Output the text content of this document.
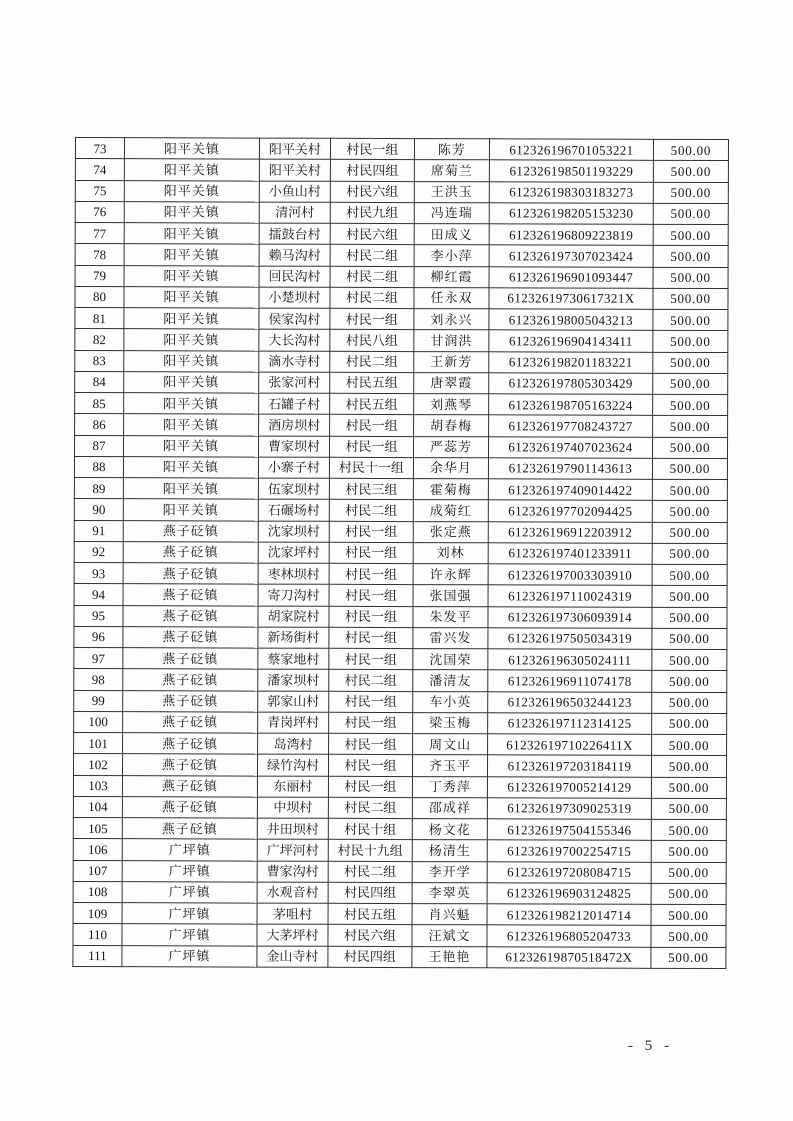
73	阳平关镇	阳平关村	村民一组	陈芳	612326196701053221	500.00
74	阳平关镇	阳平关村	村民四组	席菊兰	612326198501193229	500.00
75	阳平关镇	小鱼山村	村民六组	王洪玉	612326198303183273	500.00
76	阳平关镇	清河村	村民九组	冯连瑞	612326198205153230	500.00
77	阳平关镇	擂鼓台村	村民六组	田成义	612326196809223819	500.00
78	阳平关镇	赖马沟村	村民二组	李小萍	612326197307023424	500.00
79	阳平关镇	回民沟村	村民二组	柳红霞	612326196901093447	500.00
80	阳平关镇	小楚坝村	村民二组	任永双	61232619730617321X	500.00
81	阳平关镇	侯家沟村	村民一组	刘永兴	612326198005043213	500.00
82	阳平关镇	大长沟村	村民八组	甘润洪	612326196904143411	500.00
83	阳平关镇	滴水寺村	村民二组	王新芳	612326198201183221	500.00
84	阳平关镇	张家河村	村民五组	唐翠霞	612326197805303429	500.00
85	阳平关镇	石罐子村	村民五组	刘燕琴	612326198705163224	500.00
86	阳平关镇	酒房坝村	村民一组	胡春梅	612326197708243727	500.00
87	阳平关镇	曹家坝村	村民一组	严蕊芳	612326197407023624	500.00
88	阳平关镇	小寨子村	村民十一组	余华月	612326197901143613	500.00
89	阳平关镇	伍家坝村	村民三组	霍菊梅	612326197409014422	500.00
90	阳平关镇	石碾场村	村民二组	成菊红	612326197702094425	500.00
91	燕子砭镇	沈家坝村	村民一组	张定燕	612326196912203912	500.00
92	燕子砭镇	沈家坪村	村民一组	刘林	612326197401233911	500.00
93	燕子砭镇	枣林坝村	村民一组	许永辉	612326197003303910	500.00
94	燕子砭镇	寄刀沟村	村民一组	张国强	612326197110024319	500.00
95	燕子砭镇	胡家院村	村民一组	朱发平	612326197306093914	500.00
96	燕子砭镇	新场街村	村民一组	雷兴发	612326197505034319	500.00
97	燕子砭镇	蔡家地村	村民一组	沈国荣	612326196305024111	500.00
98	燕子砭镇	潘家坝村	村民二组	潘清友	612326196911074178	500.00
99	燕子砭镇	郭家山村	村民一组	车小英	612326196503244123	500.00
100	燕子砭镇	青岗坪村	村民一组	梁玉梅	612326197112314125	500.00
101	燕子砭镇	岛湾村	村民一组	周文山	61232619710226411X	500.00
102	燕子砭镇	绿竹沟村	村民一组	齐玉平	612326197203184119	500.00
103	燕子砭镇	东丽村	村民一组	丁秀萍	612326197005214129	500.00
104	燕子砭镇	中坝村	村民二组	邵成祥	612326197309025319	500.00
105	燕子砭镇	井田坝村	村民十组	杨文花	612326197504155346	500.00
106	广坪镇	广坪河村	村民十九组	杨清生	612326197002254715	500.00
107	广坪镇	曹家沟村	村民二组	李开学	612326197208084715	500.00
108	广坪镇	水观音村	村民四组	李翠英	612326196903124825	500.00
109	广坪镇	茅咀村	村民五组	肖兴魁	612326198212014714	500.00
110	广坪镇	大茅坪村	村民六组	汪斌文	612326196805204733	500.00
111	广坪镇	金山寺村	村民四组	王艳艳	61232619870518472X	500.00
- 5 -
